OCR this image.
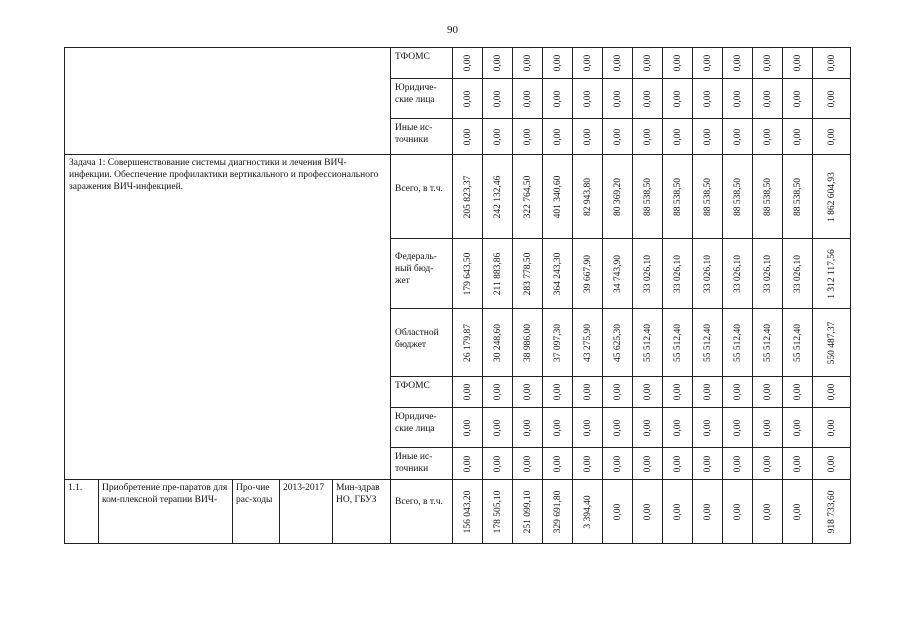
90
					ТФОМС	0,00	0,00	0,00	0,00	0,00	0,00	0,00	0,00	0,00	0,00	0,00	0,00	0,00

					Юридиче-ские лица	0,00	0,00	0,00	0,00	0,00	0,00	0,00	0,00	0,00	0,00	0,00	0,00	0,00

					Иные ис-точники	0,00	0,00	0,00	0,00	0,00	0,00	0,00	0,00	0,00	0,00	0,00	0,00	0,00

Задача 1: Совершенствование системы диагностики и лечения ВИЧ-инфекции. Обеспечение профилактики вертикального и профессионального заражения ВИЧ-инфекцией.					Всего, в т.ч.	205 823,37	242 132,46	322 764,50	401 340,60	82 943,80	80 369,20	88 538,50	88 538,50	88 538,50	88 538,50	88 538,50	88 538,50	1 862 604,93

					Федераль-ный бюд-жет	179 643,50	211 883,86	283 778,50	364 243,30	39 667,90	34 743,90	33 026,10	33 026,10	33 026,10	33 026,10	33 026,10	33 026,10	1 312 117,56

					Областной бюджет	26 179,87	30 248,60	38 986,00	37 097,30	43 275,90	45 625,30	55 512,40	55 512,40	55 512,40	55 512,40	55 512,40	55 512,40	550 487,37

					ТФОМС	0,00	0,00	0,00	0,00	0,00	0,00	0,00	0,00	0,00	0,00	0,00	0,00	0,00

					Юридиче-ские лица	0,00	0,00	0,00	0,00	0,00	0,00	0,00	0,00	0,00	0,00	0,00	0,00	0,00

					Иные ис-точники	0,00	0,00	0,00	0,00	0,00	0,00	0,00	0,00	0,00	0,00	0,00	0,00	0,00

1.1.	Приобретение пре-паратов для ком-плексной терапии ВИЧ-	Про-чие рас-ходы	2013-2017	Мин-здрав НО, ГБУЗ	Всего, в т.ч.	156 043,20	178 505,10	251 099,10	329 691,80	3 394,40	0,00	0,00	0,00	0,00	0,00	0,00	0,00	918 733,60
